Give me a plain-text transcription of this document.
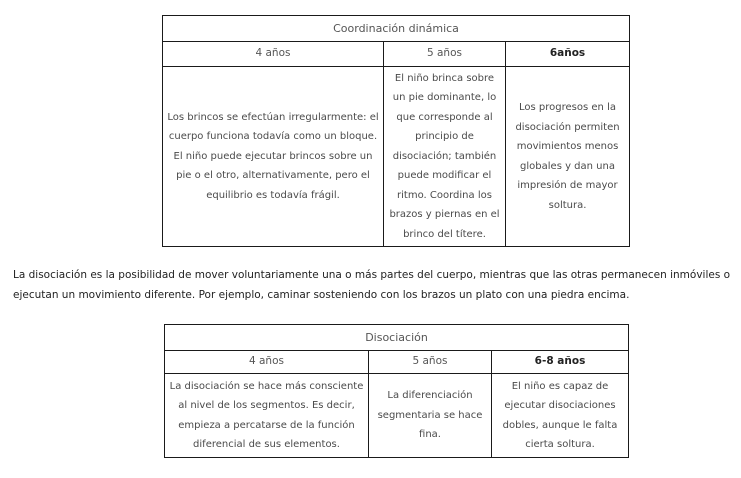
Coordinación dinámica		
4 años	5 años	6años
Los brincos se efectúan irregularmente: el cuerpo funciona todavía como un bloque. El niño puede ejecutar brincos sobre un pie o el otro, alternativamente, pero el equilibrio es todavía frágil.	El niño brinca sobre un pie dominante, lo que corresponde al principio de disociación; también puede modificar el ritmo. Coordina los brazos y piernas en el brinco del títere.	Los progresos en la disociación permiten movimientos menos globales y dan una impresión de mayor soltura.
La disociación es la posibilidad de mover voluntariamente una o más partes del cuerpo, mientras que las otras permanecen inmóviles o ejecutan un movimiento diferente. Por ejemplo, caminar sosteniendo con los brazos un plato con una piedra encima.
Disociación		
4 años	5 años	6-8 años
La disociación se hace más consciente al nivel de los segmentos. Es decir, empieza a percatarse de la función diferencial de sus elementos.	La diferenciación segmentaria se hace fina.	El niño es capaz de ejecutar disociaciones dobles, aunque le falta cierta soltura.
